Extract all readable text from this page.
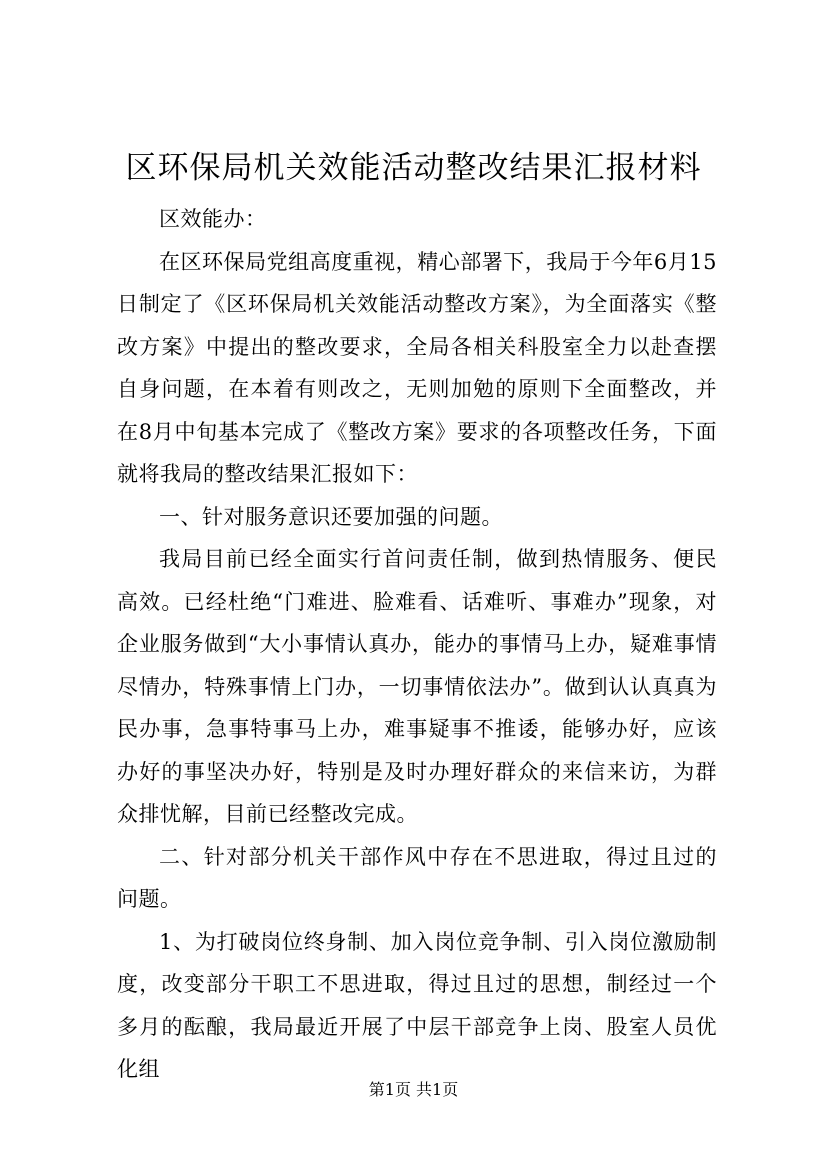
区环保局机关效能活动整改结果汇报材料

区效能办：

在区环保局党组高度重视，精心部署下，我局于今年6月15日制定了《区环保局机关效能活动整改方案》，为全面落实《整改方案》中提出的整改要求，全局各相关科股室全力以赴查摆自身问题，在本着有则改之，无则加勉的原则下全面整改，并在8月中旬基本完成了《整改方案》要求的各项整改任务，下面就将我局的整改结果汇报如下：

一、针对服务意识还要加强的问题。

我局目前已经全面实行首问责任制，做到热情服务、便民高效。已经杜绝“门难进、脸难看、话难听、事难办”现象，对企业服务做到“大小事情认真办，能办的事情马上办，疑难事情尽情办，特殊事情上门办，一切事情依法办”。做到认认真真为民办事，急事特事马上办，难事疑事不推诿，能够办好，应该办好的事坚决办好，特别是及时办理好群众的来信来访，为群众排忧解，目前已经整改完成。

二、针对部分机关干部作风中存在不思进取，得过且过的问题。

1、为打破岗位终身制、加入岗位竞争制、引入岗位激励制度，改变部分干职工不思进取，得过且过的思想，制经过一个多月的酝酿，我局最近开展了中层干部竞争上岗、股室人员优化组

第1页 共1页
